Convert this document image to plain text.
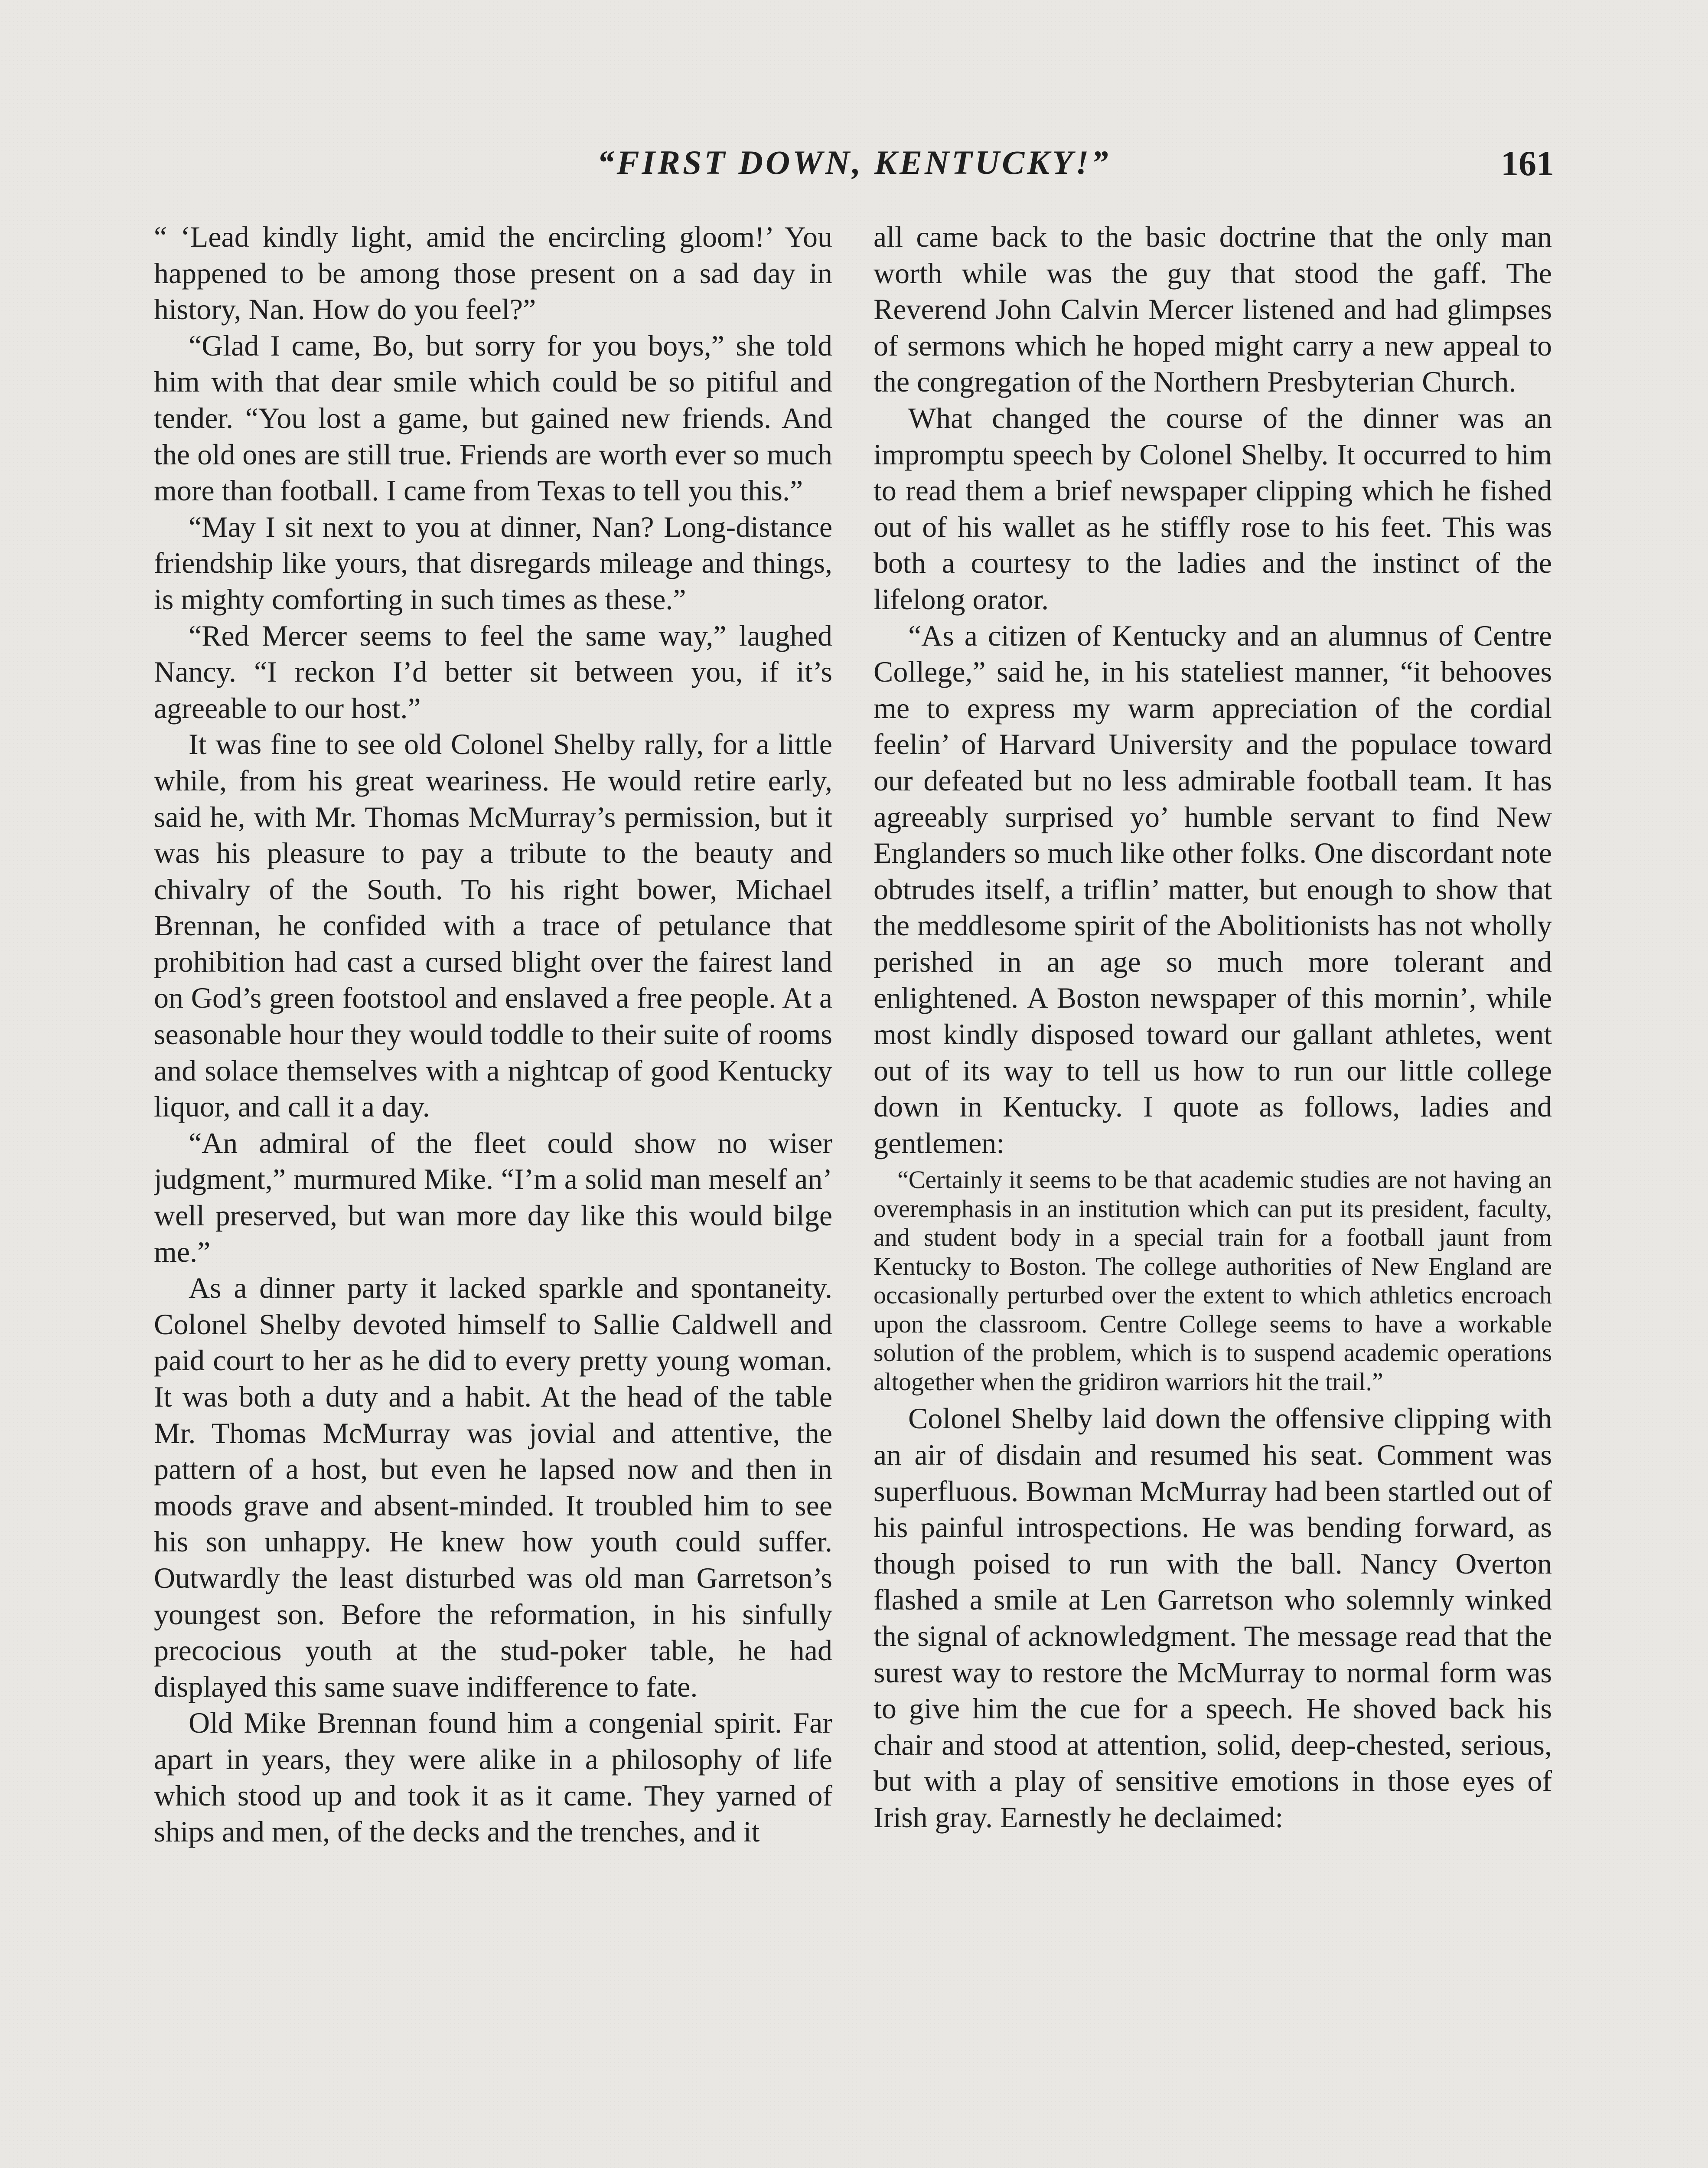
“FIRST DOWN, KENTUCKY!”	161

“ ‘Lead kindly light, amid the encircling gloom!’ You happened to be among those present on a sad day in history, Nan. How do you feel?”

“Glad I came, Bo, but sorry for you boys,” she told him with that dear smile which could be so pitiful and tender. “You lost a game, but gained new friends. And the old ones are still true. Friends are worth ever so much more than football. I came from Texas to tell you this.”

“May I sit next to you at dinner, Nan? Long-distance friendship like yours, that disregards mileage and things, is mighty comforting in such times as these.”

“Red Mercer seems to feel the same way,” laughed Nancy. “I reckon I’d better sit between you, if it’s agreeable to our host.”

It was fine to see old Colonel Shelby rally, for a little while, from his great weariness. He would retire early, said he, with Mr. Thomas McMurray’s permission, but it was his pleasure to pay a tribute to the beauty and chivalry of the South. To his right bower, Michael Brennan, he confided with a trace of petulance that prohibition had cast a cursed blight over the fairest land on God’s green footstool and enslaved a free people. At a seasonable hour they would toddle to their suite of rooms and solace themselves with a nightcap of good Kentucky liquor, and call it a day.

“An admiral of the fleet could show no wiser judgment,” murmured Mike. “I’m a solid man meself an’ well preserved, but wan more day like this would bilge me.”

As a dinner party it lacked sparkle and spontaneity. Colonel Shelby devoted himself to Sallie Caldwell and paid court to her as he did to every pretty young woman. It was both a duty and a habit. At the head of the table Mr. Thomas McMurray was jovial and attentive, the pattern of a host, but even he lapsed now and then in moods grave and absent-minded. It troubled him to see his son unhappy. He knew how youth could suffer. Outwardly the least disturbed was old man Garretson’s youngest son. Before the reformation, in his sinfully precocious youth at the stud-poker table, he had displayed this same suave indifference to fate.

Old Mike Brennan found him a congenial spirit. Far apart in years, they were alike in a philosophy of life which stood up and took it as it came. They yarned of ships and men, of the decks and the trenches, and it

all came back to the basic doctrine that the only man worth while was the guy that stood the gaff. The Reverend John Calvin Mercer listened and had glimpses of sermons which he hoped might carry a new appeal to the congregation of the Northern Presbyterian Church.

What changed the course of the dinner was an impromptu speech by Colonel Shelby. It occurred to him to read them a brief newspaper clipping which he fished out of his wallet as he stiffly rose to his feet. This was both a courtesy to the ladies and the instinct of the lifelong orator.

“As a citizen of Kentucky and an alumnus of Centre College,” said he, in his stateliest manner, “it behooves me to express my warm appreciation of the cordial feelin’ of Harvard University and the populace toward our defeated but no less admirable football team. It has agreeably surprised yo’ humble servant to find New Englanders so much like other folks. One discordant note obtrudes itself, a triflin’ matter, but enough to show that the meddlesome spirit of the Abolitionists has not wholly perished in an age so much more tolerant and enlightened. A Boston newspaper of this mornin’, while most kindly disposed toward our gallant athletes, went out of its way to tell us how to run our little college down in Kentucky. I quote as follows, ladies and gentlemen:

“Certainly it seems to be that academic studies are not having an overemphasis in an institution which can put its president, faculty, and student body in a special train for a football jaunt from Kentucky to Boston. The college authorities of New England are occasionally perturbed over the extent to which athletics encroach upon the classroom. Centre College seems to have a workable solution of the problem, which is to suspend academic operations altogether when the gridiron warriors hit the trail.”

Colonel Shelby laid down the offensive clipping with an air of disdain and resumed his seat. Comment was superfluous. Bowman McMurray had been startled out of his painful introspections. He was bending forward, as though poised to run with the ball. Nancy Overton flashed a smile at Len Garretson who solemnly winked the signal of acknowledgment. The message read that the surest way to restore the McMurray to normal form was to give him the cue for a speech. He shoved back his chair and stood at attention, solid, deep-chested, serious, but with a play of sensitive emotions in those eyes of Irish gray. Earnestly he declaimed:
